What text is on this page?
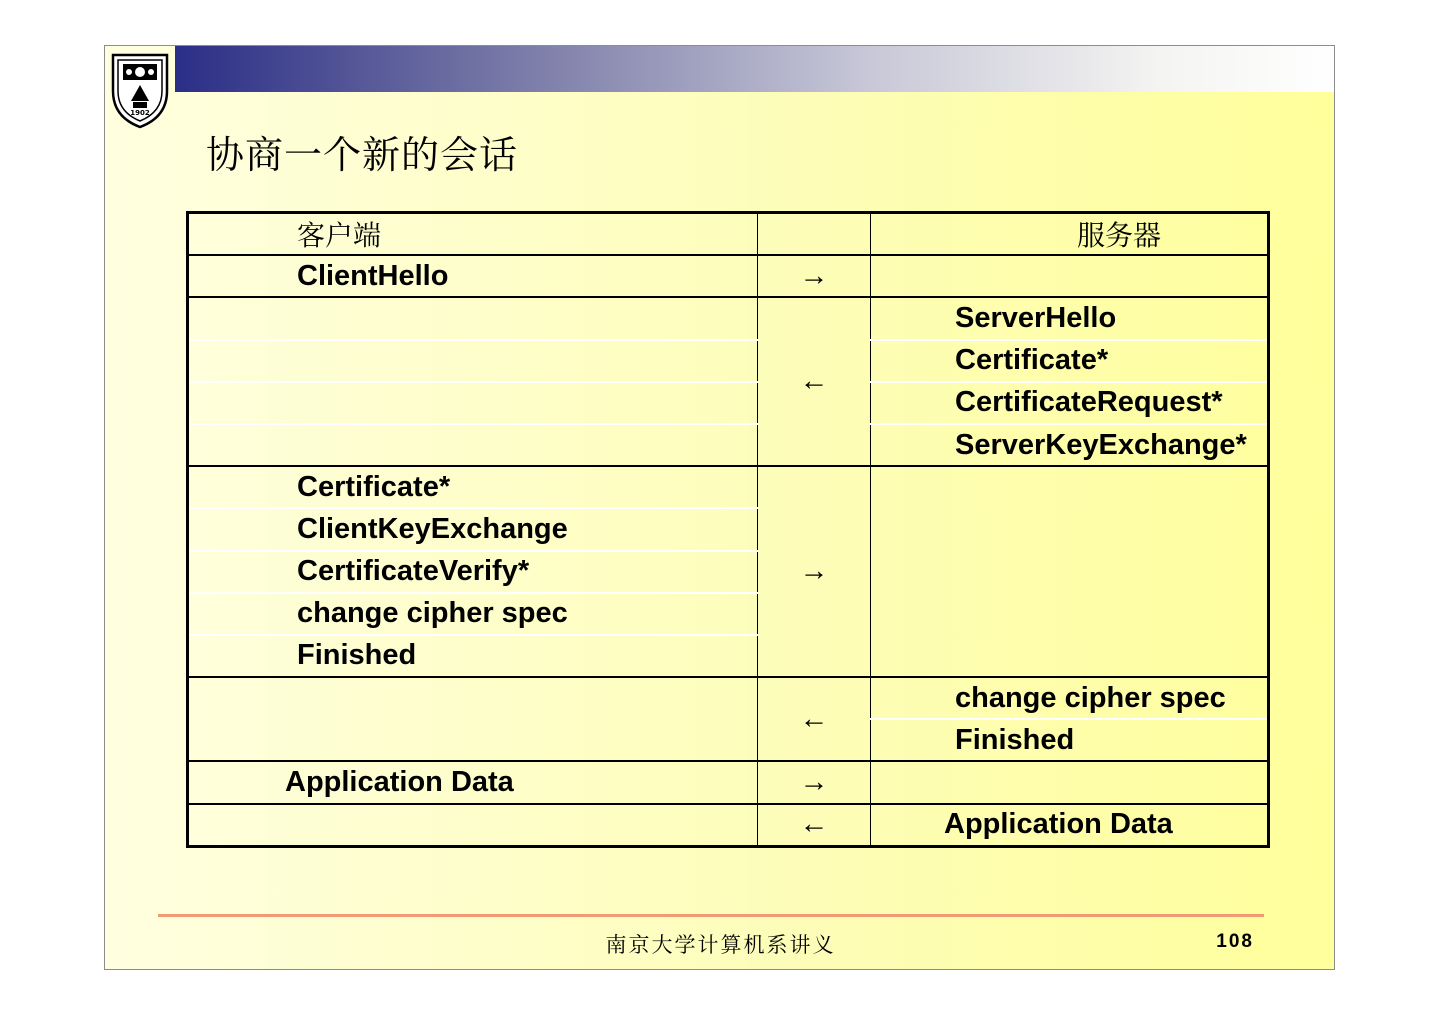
1902
协商一个新的会话
客户端		服务器
ClientHello	→	
	←	ServerHello
		Certificate*
		CertificateRequest*
		ServerKeyExchange*
Certificate*	→	
ClientKeyExchange		
CertificateVerify*		
change cipher spec		
Finished		
	←	change cipher spec
		Finished
Application Data	→	
	←	Application Data
南京大学计算机系讲义	108
